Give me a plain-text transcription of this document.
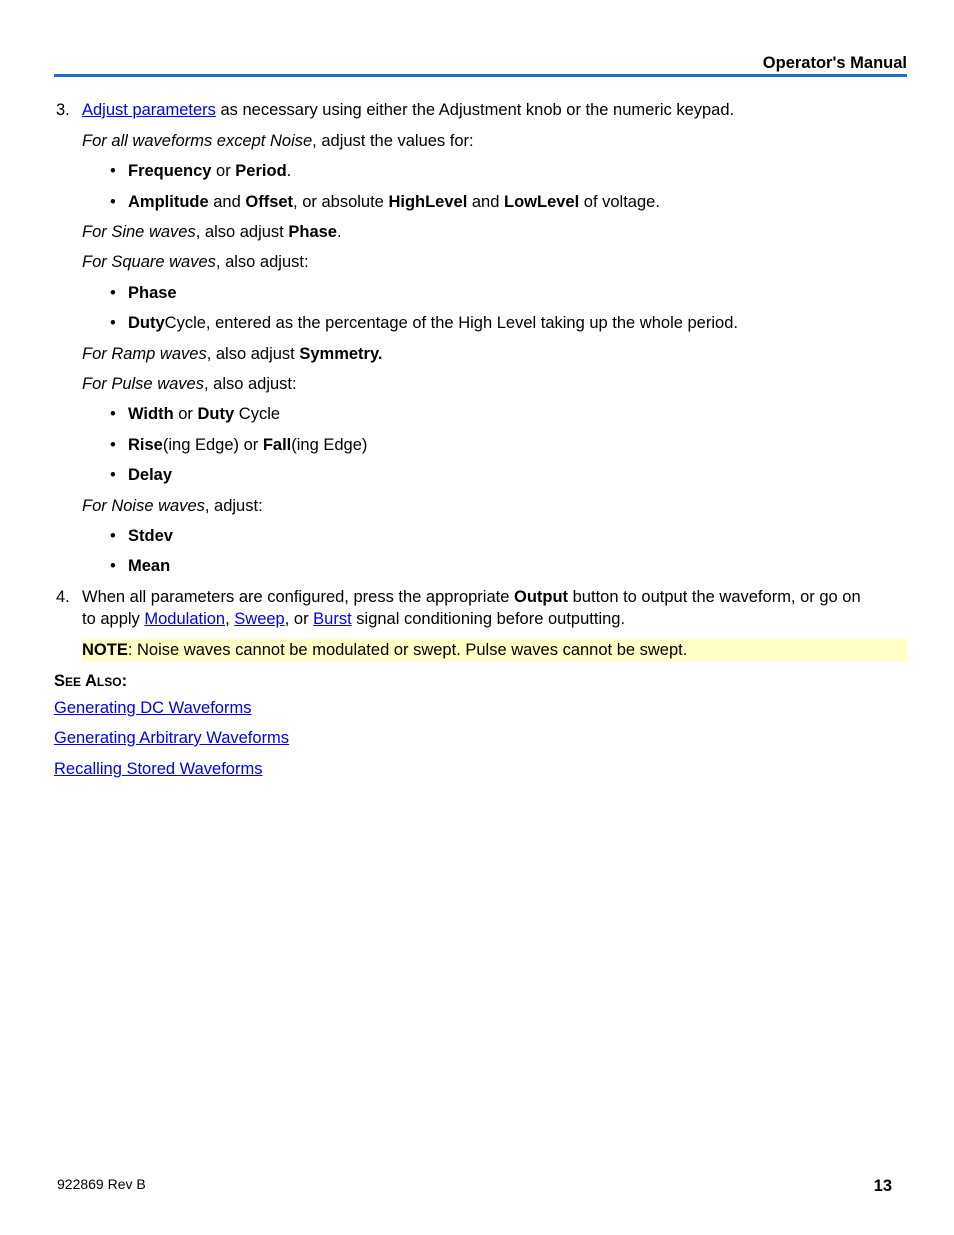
Operator's Manual
3. Adjust parameters as necessary using either the Adjustment knob or the numeric keypad.
For all waveforms except Noise, adjust the values for:
• Frequency or Period.
• Amplitude and Offset, or absolute HighLevel and LowLevel of voltage.
For Sine waves, also adjust Phase.
For Square waves, also adjust:
• Phase
• DutyCycle, entered as the percentage of the High Level taking up the whole period.
For Ramp waves, also adjust Symmetry.
For Pulse waves, also adjust:
• Width or Duty Cycle
• Rise(ing Edge) or Fall(ing Edge)
• Delay
For Noise waves, adjust:
• Stdev
• Mean
4. When all parameters are configured, press the appropriate Output button to output the waveform, or go on
to apply Modulation, Sweep, or Burst signal conditioning before outputting.
NOTE: Noise waves cannot be modulated or swept. Pulse waves cannot be swept.
See Also:
Generating DC Waveforms
Generating Arbitrary Waveforms
Recalling Stored Waveforms
922869 Rev B	13
